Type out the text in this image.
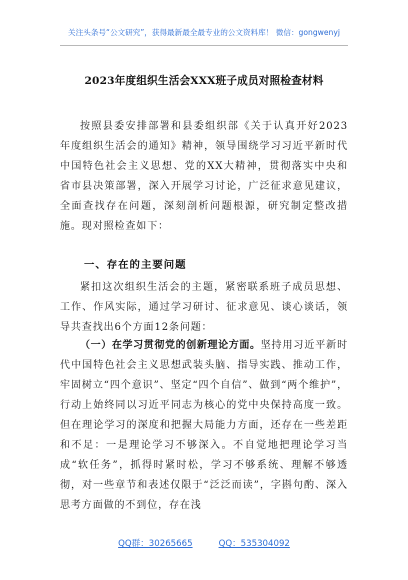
关注头条号“公文研究”，获得最新最全最专业的公文资料库！ 微信：gongwenyj
2023年度组织生活会XXX班子成员对照检查材料
按照县委安排部署和县委组织部《关于认真开好2023年度组织生活会的通知》精神，领导围绕学习习近平新时代中国特色社会主义思想、党的XX大精神，贯彻落实中央和省市县决策部署，深入开展学习讨论，广泛征求意见建议，全面查找存在问题，深刻剖析问题根源，研究制定整改措施。现对照检查如下：
一、存在的主要问题
紧扣这次组织生活会的主题，紧密联系班子成员思想、工作、作风实际，通过学习研讨、征求意见、谈心谈话，领导共查找出6个方面12条问题：
（一）在学习贯彻党的创新理论方面。坚持用习近平新时代中国特色社会主义思想武装头脑、指导实践、推动工作，牢固树立“四个意识”、坚定“四个自信”、做到“两个维护”，行动上始终同以习近平同志为核心的党中央保持高度一致。但在理论学习的深度和把握大局能力方面，还存在一些差距和不足：一是理论学习不够深入。不自觉地把理论学习当成“软任务”，抓得时紧时松，学习不够系统、理解不够透彻，对一些章节和表述仅限于“泛泛而读”，字斟句酌、深入思考方面做的不到位，存在浅
QQ群：30265665	QQ：535304092
